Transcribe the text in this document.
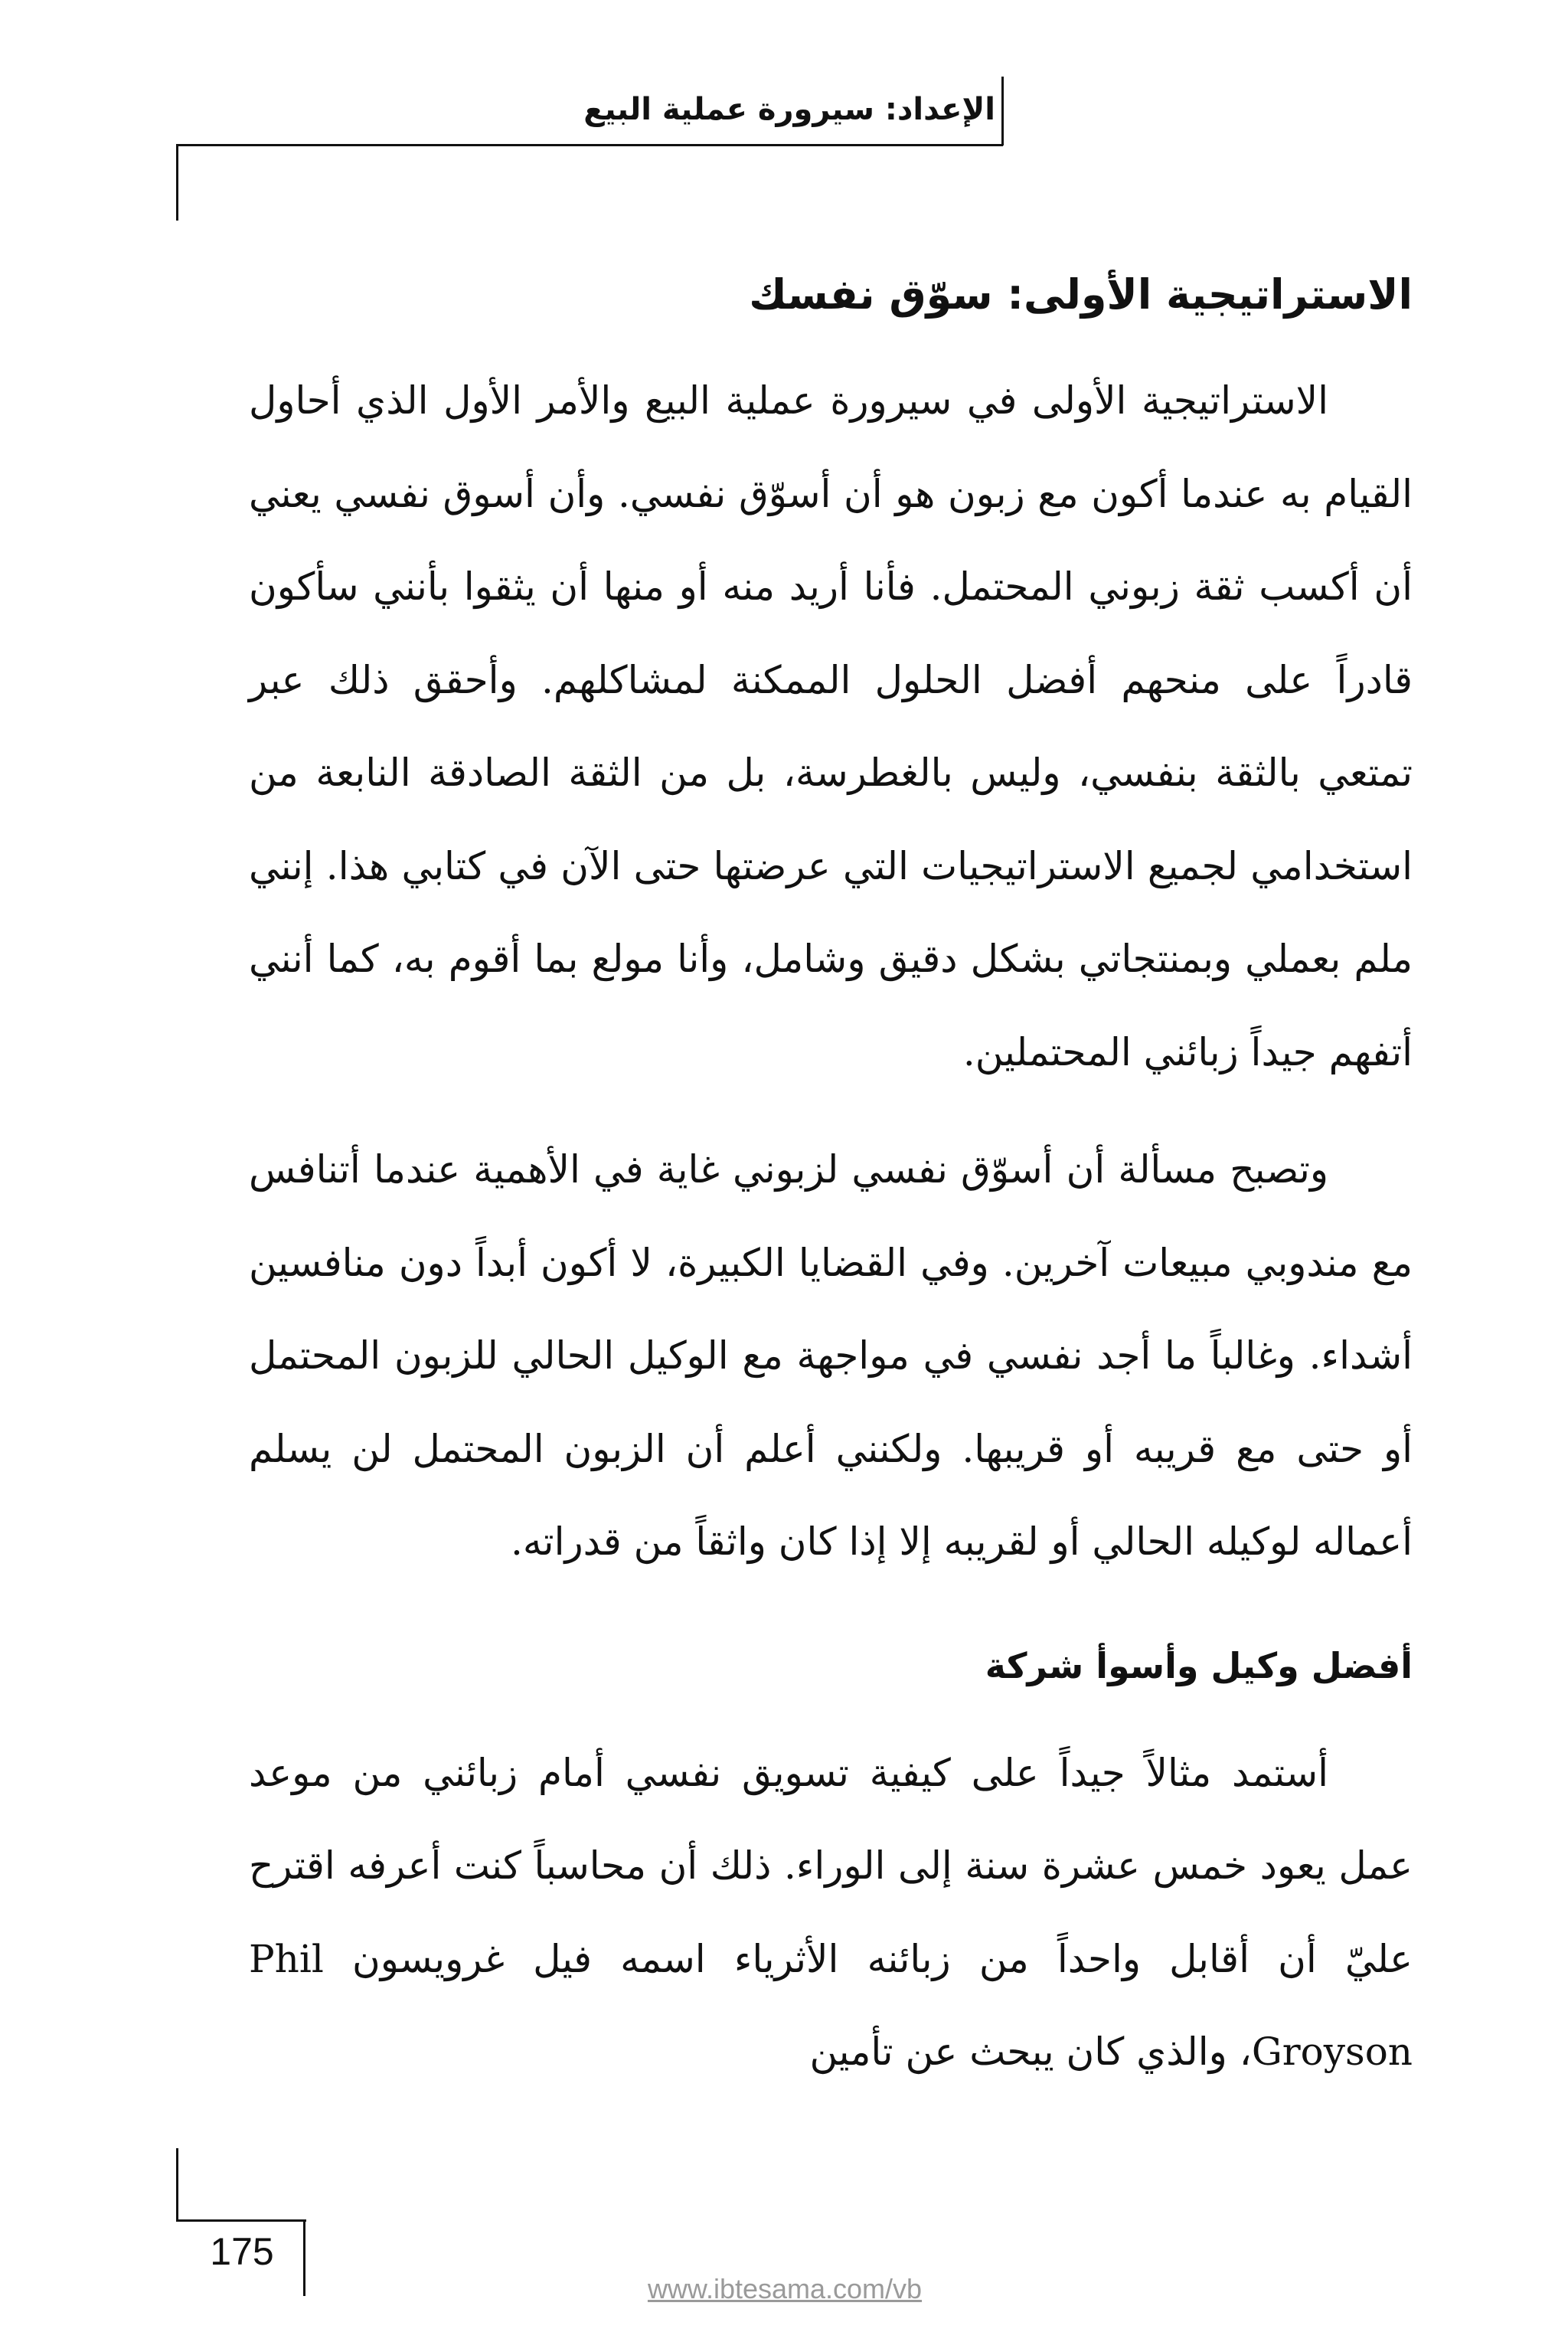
الإعداد: سيرورة عملية البيع
الاستراتيجية الأولى: سوّق نفسك

الاستراتيجية الأولى في سيرورة عملية البيع والأمر الأول الذي أحاول القيام به عندما أكون مع زبون هو أن أسوّق نفسي. وأن أسوق نفسي يعني أن أكسب ثقة زبوني المحتمل. فأنا أريد منه أو منها أن يثقوا بأنني سأكون قادراً على منحهم أفضل الحلول الممكنة لمشاكلهم. وأحقق ذلك عبر تمتعي بالثقة بنفسي، وليس بالغطرسة، بل من الثقة الصادقة النابعة من استخدامي لجميع الاستراتيجيات التي عرضتها حتى الآن في كتابي هذا. إنني ملم بعملي وبمنتجاتي بشكل دقيق وشامل، وأنا مولع بما أقوم به، كما أنني أتفهم جيداً زبائني المحتملين.

وتصبح مسألة أن أسوّق نفسي لزبوني غاية في الأهمية عندما أتنافس مع مندوبي مبيعات آخرين. وفي القضايا الكبيرة، لا أكون أبداً دون منافسين أشداء. وغالباً ما أجد نفسي في مواجهة مع الوكيل الحالي للزبون المحتمل أو حتى مع قريبه أو قريبها. ولكنني أعلم أن الزبون المحتمل لن يسلم أعماله لوكيله الحالي أو لقريبه إلا إذا كان واثقاً من قدراته.

أفضل وكيل وأسوأ شركة

أستمد مثالاً جيداً على كيفية تسويق نفسي أمام زبائني من موعد عمل يعود خمس عشرة سنة إلى الوراء. ذلك أن محاسباً كنت أعرفه اقترح عليّ أن أقابل واحداً من زبائنه الأثرياء اسمه فيل غرويسون Phil Groyson، والذي كان يبحث عن تأمين

175
www.ibtesama.com/vb
